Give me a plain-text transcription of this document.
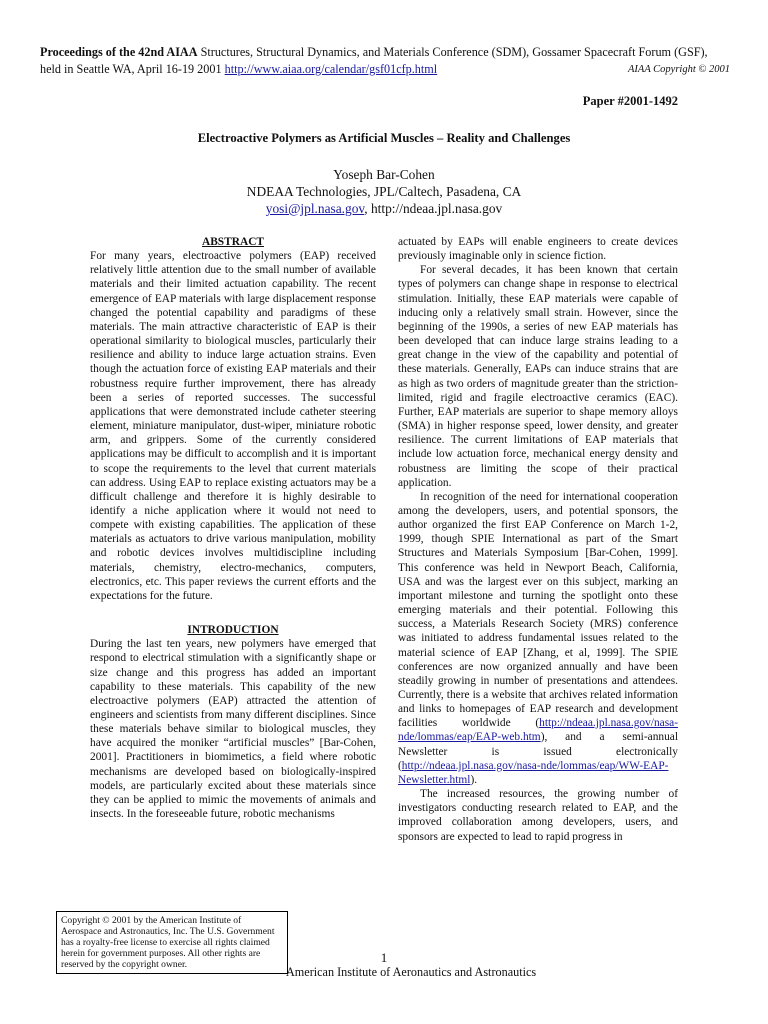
Proceedings of the 42nd AIAA Structures, Structural Dynamics, and Materials Conference (SDM), Gossamer Spacecraft Forum (GSF), held in Seattle WA, April 16-19 2001 http://www.aiaa.org/calendar/gsf01cfp.html	AIAA Copyright © 2001
Paper #2001-1492
Electroactive Polymers as Artificial Muscles – Reality and Challenges
Yoseph Bar-Cohen
NDEAA Technologies, JPL/Caltech, Pasadena, CA
yosi@jpl.nasa.gov, http://ndeaa.jpl.nasa.gov

ABSTRACT

For many years, electroactive polymers (EAP) received relatively little attention due to the small number of available materials and their limited actuation capability. The recent emergence of EAP materials with large displacement response changed the potential capability and paradigms of these materials. The main attractive characteristic of EAP is their operational similarity to biological muscles, particularly their resilience and ability to induce large actuation strains. Even though the actuation force of existing EAP materials and their robustness require further improvement, there has already been a series of reported successes. The successful applications that were demonstrated include catheter steering element, miniature manipulator, dust-wiper, miniature robotic arm, and grippers. Some of the currently considered applications may be difficult to accomplish and it is important to scope the requirements to the level that current materials can address. Using EAP to replace existing actuators may be a difficult challenge and therefore it is highly desirable to identify a niche application where it would not need to compete with existing capabilities. The application of these materials as actuators to drive various manipulation, mobility and robotic devices involves multidiscipline including materials, chemistry, electro-mechanics, computers, electronics, etc. This paper reviews the current efforts and the expectations for the future.

INTRODUCTION

During the last ten years, new polymers have emerged that respond to electrical stimulation with a significantly shape or size change and this progress has added an important capability to these materials. This capability of the new electroactive polymers (EAP) attracted the attention of engineers and scientists from many different disciplines. Since these materials behave similar to biological muscles, they have acquired the moniker “artificial muscles” [Bar-Cohen, 2001]. Practitioners in biomimetics, a field where robotic mechanisms are developed based on biologically-inspired models, are particularly excited about these materials since they can be applied to mimic the movements of animals and insects. In the foreseeable future, robotic mechanisms

actuated by EAPs will enable engineers to create devices previously imaginable only in science fiction.

For several decades, it has been known that certain types of polymers can change shape in response to electrical stimulation. Initially, these EAP materials were capable of inducing only a relatively small strain. However, since the beginning of the 1990s, a series of new EAP materials has been developed that can induce large strains leading to a great change in the view of the capability and potential of these materials. Generally, EAPs can induce strains that are as high as two orders of magnitude greater than the striction-limited, rigid and fragile electroactive ceramics (EAC). Further, EAP materials are superior to shape memory alloys (SMA) in higher response speed, lower density, and greater resilience. The current limitations of EAP materials that include low actuation force, mechanical energy density and robustness are limiting the scope of their practical application.

In recognition of the need for international cooperation among the developers, users, and potential sponsors, the author organized the first EAP Conference on March 1-2, 1999, though SPIE International as part of the Smart Structures and Materials Symposium [Bar-Cohen, 1999]. This conference was held in Newport Beach, California, USA and was the largest ever on this subject, marking an important milestone and turning the spotlight onto these emerging materials and their potential. Following this success, a Materials Research Society (MRS) conference was initiated to address fundamental issues related to the material science of EAP [Zhang, et al, 1999]. The SPIE conferences are now organized annually and have been steadily growing in number of presentations and attendees. Currently, there is a website that archives related information and links to homepages of EAP research and development facilities worldwide (http://ndeaa.jpl.nasa.gov/nasa-nde/lommas/eap/EAP-web.htm), and a semi-annual Newsletter is issued electronically (http://ndeaa.jpl.nasa.gov/nasa-nde/lommas/eap/WW-EAP-Newsletter.html).

The increased resources, the growing number of investigators conducting research related to EAP, and the improved collaboration among developers, users, and sponsors are expected to lead to rapid progress in

Copyright © 2001 by the American Institute of Aerospace and Astronautics, Inc. The U.S. Government has a royalty-free license to exercise all rights claimed herein for government purposes. All other rights are reserved by the copyright owner.	1
American Institute of Aeronautics and Astronautics
